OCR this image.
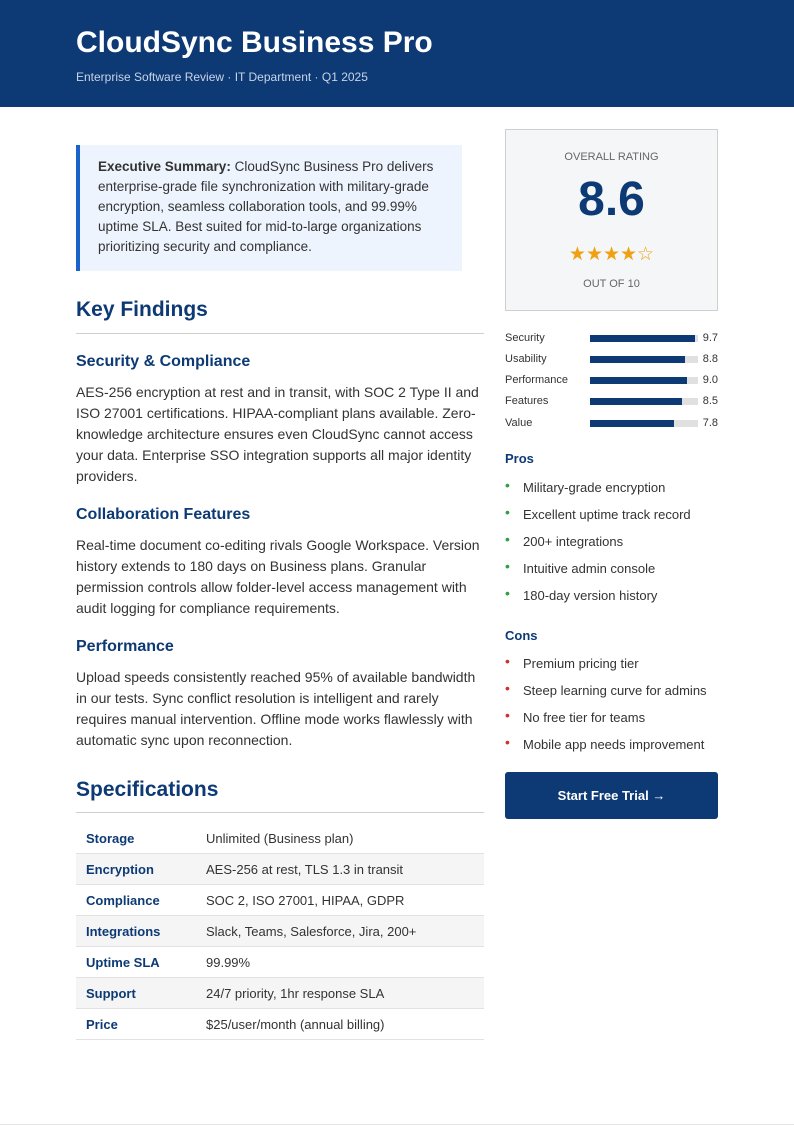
CloudSync Business Pro
Enterprise Software Review · IT Department · Q1 2025

Executive Summary: CloudSync Business Pro delivers enterprise-grade file synchronization with military-grade encryption, seamless collaboration tools, and 99.99% uptime SLA. Best suited for mid-to-large organizations prioritizing security and compliance.

Key Findings
Security & Compliance

AES-256 encryption at rest and in transit, with SOC 2 Type II and ISO 27001 certifications. HIPAA-compliant plans available. Zero-knowledge architecture ensures even CloudSync cannot access your data. Enterprise SSO integration supports all major identity providers.

Collaboration Features

Real-time document co-editing rivals Google Workspace. Version history extends to 180 days on Business plans. Granular permission controls allow folder-level access management with audit logging for compliance requirements.

Performance

Upload speeds consistently reached 95% of available bandwidth in our tests. Sync conflict resolution is intelligent and rarely requires manual intervention. Offline mode works flawlessly with automatic sync upon reconnection.

Specifications
Storage	Unlimited (Business plan)
Encryption	AES-256 at rest, TLS 1.3 in transit
Compliance	SOC 2, ISO 27001, HIPAA, GDPR
Integrations	Slack, Teams, Salesforce, Jira, 200+
Uptime SLA	99.99%
Support	24/7 priority, 1hr response SLA
Price	$25/user/month (annual billing)
OVERALL RATING
8.6
★★★★☆
OUT OF 10
Security	9.7
Usability	8.8
Performance	9.0
Features	8.5
Value	7.8
Pros
• Military-grade encryption
• Excellent uptime track record
• 200+ integrations
• Intuitive admin console
• 180-day version history
Cons
• Premium pricing tier
• Steep learning curve for admins
• No free tier for teams
• Mobile app needs improvement
Start Free Trial →
